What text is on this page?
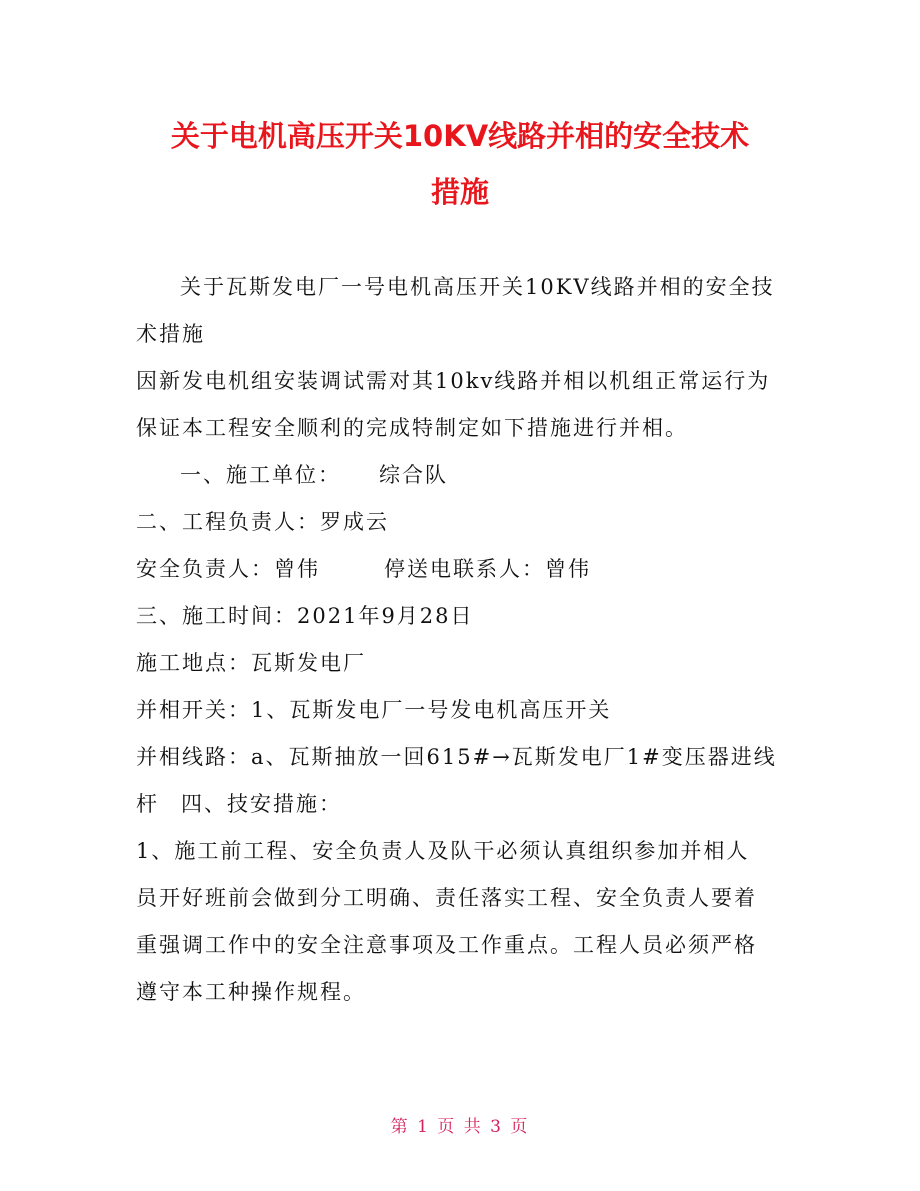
关于电机高压开关10KV线路并相的安全技术
措施
关于瓦斯发电厂一号电机高压开关10KV线路并相的安全技
术措施
因新发电机组安装调试需对其10kv线路并相以机组正常运行为
保证本工程安全顺利的完成特制定如下措施进行并相。
一、施工单位： 综合队
二、工程负责人：罗成云
安全负责人：曾伟	停送电联系人：曾伟
三、施工时间：2021年9月28日
施工地点：瓦斯发电厂
并相开关：1、瓦斯发电厂一号发电机高压开关
并相线路：a、瓦斯抽放一回615#→瓦斯发电厂1#变压器进线
杆 四、技安措施：
1、施工前工程、安全负责人及队干必须认真组织参加并相人
员开好班前会做到分工明确、责任落实工程、安全负责人要着
重强调工作中的安全注意事项及工作重点。工程人员必须严格
遵守本工种操作规程。
第 1 页 共 3 页
